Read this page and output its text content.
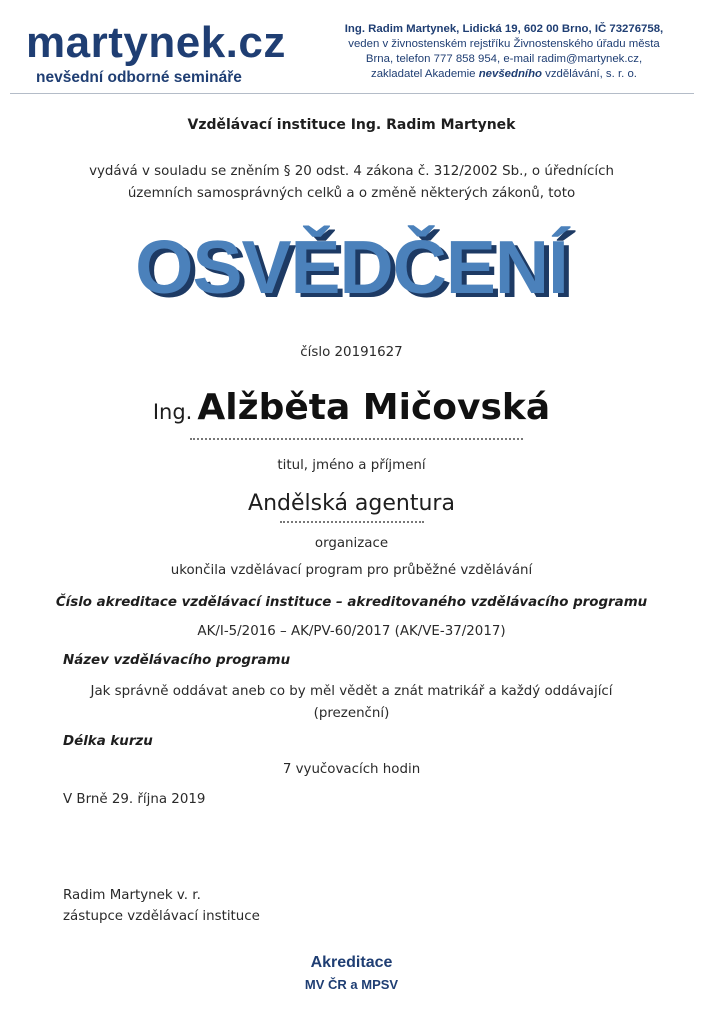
martynek.cz
nevšední odborné semináře
Ing. Radim Martynek, Lidická 19, 602 00 Brno, IČ 73276758,
veden v živnostenském rejstříku Živnostenského úřadu města
Brna, telefon 777 858 954, e-mail radim@martynek.cz,
zakladatel Akademie nevšedního vzdělávání, s. r. o.
Vzdělávací instituce Ing. Radim Martynek
vydává v souladu se zněním § 20 odst. 4 zákona č. 312/2002 Sb., o úřednících
územních samosprávných celků a o změně některých zákonů, toto
OSVĚDČENÍ
číslo 20191627
Ing. Alžběta Mičovská
titul, jméno a příjmení
Andělská agentura
organizace
ukončila vzdělávací program pro průběžné vzdělávání
Číslo akreditace vzdělávací instituce – akreditovaného vzdělávacího programu
AK/I-5/2016 – AK/PV-60/2017 (AK/VE-37/2017)
Název vzdělávacího programu
Jak správně oddávat aneb co by měl vědět a znát matrikář a každý oddávající
(prezenční)
Délka kurzu
7 vyučovacích hodin
V Brně 29. října 2019
Radim Martynek v. r.
zástupce vzdělávací instituce
Akreditace
MV ČR a MPSV
